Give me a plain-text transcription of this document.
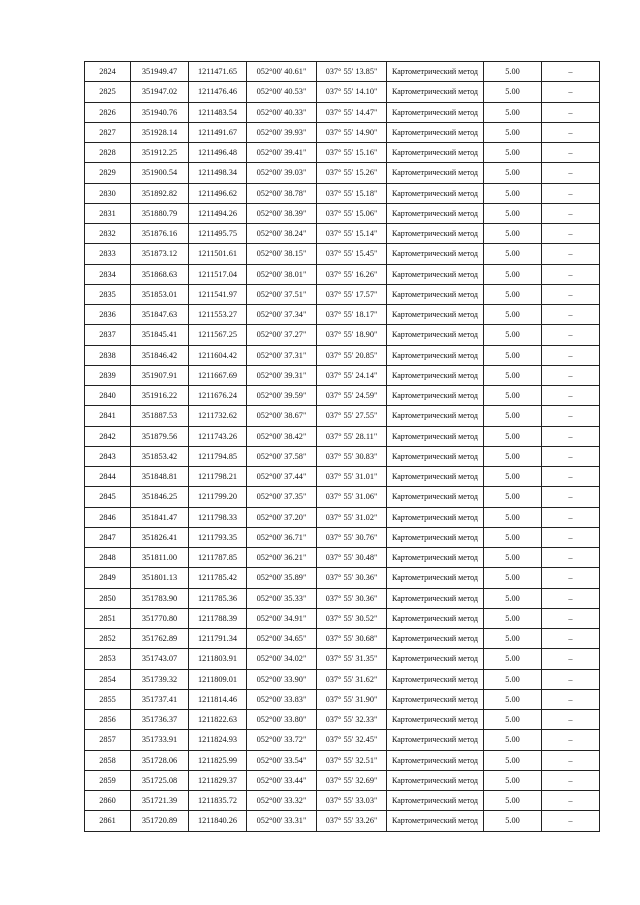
2824	351949.47	1211471.65	052°00' 40.61"	037° 55' 13.85"	Картометрический метод	5.00	–
2825	351947.02	1211476.46	052°00' 40.53"	037° 55' 14.10"	Картометрический метод	5.00	–
2826	351940.76	1211483.54	052°00' 40.33"	037° 55' 14.47"	Картометрический метод	5.00	–
2827	351928.14	1211491.67	052°00' 39.93"	037° 55' 14.90"	Картометрический метод	5.00	–
2828	351912.25	1211496.48	052°00' 39.41"	037° 55' 15.16"	Картометрический метод	5.00	–
2829	351900.54	1211498.34	052°00' 39.03"	037° 55' 15.26"	Картометрический метод	5.00	–
2830	351892.82	1211496.62	052°00' 38.78"	037° 55' 15.18"	Картометрический метод	5.00	–
2831	351880.79	1211494.26	052°00' 38.39"	037° 55' 15.06"	Картометрический метод	5.00	–
2832	351876.16	1211495.75	052°00' 38.24"	037° 55' 15.14"	Картометрический метод	5.00	–
2833	351873.12	1211501.61	052°00' 38.15"	037° 55' 15.45"	Картометрический метод	5.00	–
2834	351868.63	1211517.04	052°00' 38.01"	037° 55' 16.26"	Картометрический метод	5.00	–
2835	351853.01	1211541.97	052°00' 37.51"	037° 55' 17.57"	Картометрический метод	5.00	–
2836	351847.63	1211553.27	052°00' 37.34"	037° 55' 18.17"	Картометрический метод	5.00	–
2837	351845.41	1211567.25	052°00' 37.27"	037° 55' 18.90"	Картометрический метод	5.00	–
2838	351846.42	1211604.42	052°00' 37.31"	037° 55' 20.85"	Картометрический метод	5.00	–
2839	351907.91	1211667.69	052°00' 39.31"	037° 55' 24.14"	Картометрический метод	5.00	–
2840	351916.22	1211676.24	052°00' 39.59"	037° 55' 24.59"	Картометрический метод	5.00	–
2841	351887.53	1211732.62	052°00' 38.67"	037° 55' 27.55"	Картометрический метод	5.00	–
2842	351879.56	1211743.26	052°00' 38.42"	037° 55' 28.11"	Картометрический метод	5.00	–
2843	351853.42	1211794.85	052°00' 37.58"	037° 55' 30.83"	Картометрический метод	5.00	–
2844	351848.81	1211798.21	052°00' 37.44"	037° 55' 31.01"	Картометрический метод	5.00	–
2845	351846.25	1211799.20	052°00' 37.35"	037° 55' 31.06"	Картометрический метод	5.00	–
2846	351841.47	1211798.33	052°00' 37.20"	037° 55' 31.02"	Картометрический метод	5.00	–
2847	351826.41	1211793.35	052°00' 36.71"	037° 55' 30.76"	Картометрический метод	5.00	–
2848	351811.00	1211787.85	052°00' 36.21"	037° 55' 30.48"	Картометрический метод	5.00	–
2849	351801.13	1211785.42	052°00' 35.89"	037° 55' 30.36"	Картометрический метод	5.00	–
2850	351783.90	1211785.36	052°00' 35.33"	037° 55' 30.36"	Картометрический метод	5.00	–
2851	351770.80	1211788.39	052°00' 34.91"	037° 55' 30.52"	Картометрический метод	5.00	–
2852	351762.89	1211791.34	052°00' 34.65"	037° 55' 30.68"	Картометрический метод	5.00	–
2853	351743.07	1211803.91	052°00' 34.02"	037° 55' 31.35"	Картометрический метод	5.00	–
2854	351739.32	1211809.01	052°00' 33.90"	037° 55' 31.62"	Картометрический метод	5.00	–
2855	351737.41	1211814.46	052°00' 33.83"	037° 55' 31.90"	Картометрический метод	5.00	–
2856	351736.37	1211822.63	052°00' 33.80"	037° 55' 32.33"	Картометрический метод	5.00	–
2857	351733.91	1211824.93	052°00' 33.72"	037° 55' 32.45"	Картометрический метод	5.00	–
2858	351728.06	1211825.99	052°00' 33.54"	037° 55' 32.51"	Картометрический метод	5.00	–
2859	351725.08	1211829.37	052°00' 33.44"	037° 55' 32.69"	Картометрический метод	5.00	–
2860	351721.39	1211835.72	052°00' 33.32"	037° 55' 33.03"	Картометрический метод	5.00	–
2861	351720.89	1211840.26	052°00' 33.31"	037° 55' 33.26"	Картометрический метод	5.00	–
